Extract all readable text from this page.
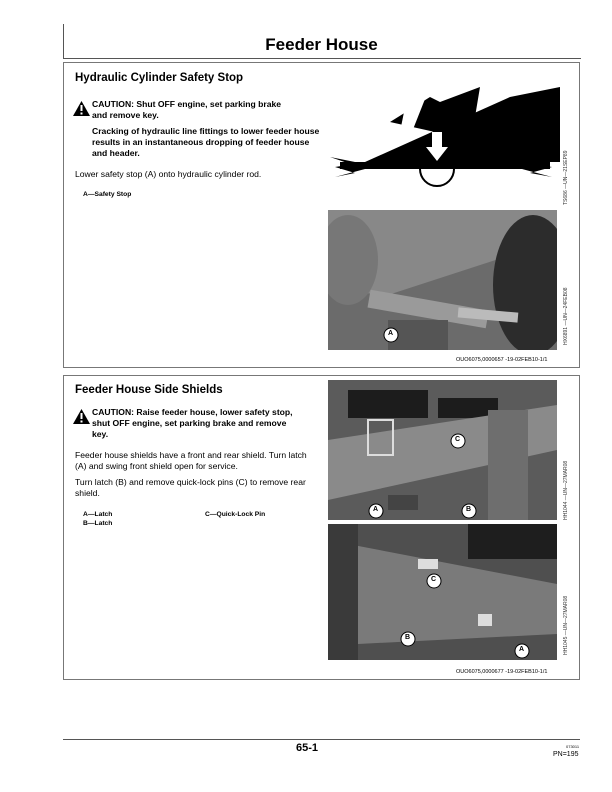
Feeder House
Hydraulic Cylinder Safety Stop
CAUTION: Shut OFF engine, set parking brake and remove key.
Cracking of hydraulic line fittings to lower feeder house results in an instantaneous dropping of feeder house and header.
Lower safety stop (A) onto hydraulic cylinder rod.
A—Safety Stop	TS686 —UN—21SEP89
A	HX6891 —UN—24FEB08
OUO6075,0000657 -19-02FEB10-1/1
Feeder House Side Shields
CAUTION: Raise feeder house, lower safety stop, shut OFF engine, set parking brake and remove key.
Feeder house shields have a front and rear shield. Turn latch (A) and swing front shield open for service.
Turn latch (B) and remove quick-lock pins (C) to remove rear shield.
A—Latch
B—Latch
C—Quick-Lock Pin
C
A	B	HH1044 —UN—27MAR08
C
B
A	HH1045 —UN—27MAR08
OUO6075,0000677 -19-02FEB10-1/1
65-1	073011
PN=195
